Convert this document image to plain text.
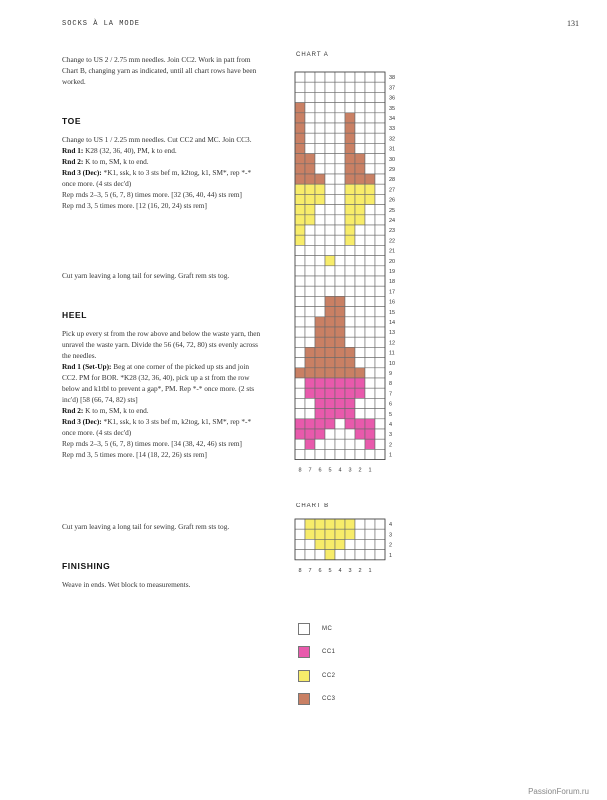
SOCKS À LA MODE	131

Change to US 2 / 2.75 mm needles. Join CC2. Work in patt from Chart B, changing yarn as indicated, until all chart rows have been worked.

TOE

Change to US 1 / 2.25 mm needles. Cut CC2 and MC. Join CC3.

Rnd 1: K28 (32, 36, 40), PM, k to end.

Rnd 2: K to m, SM, k to end.

Rnd 3 (Dec): *K1, ssk, k to 3 sts bef m, k2tog, k1, SM*, rep *-* once more. (4 sts dec'd)

Rep rnds 2–3, 5 (6, 7, 8) times more. [32 (36, 40, 44) sts rem]

Rep rnd 3, 5 times more. [12 (16, 20, 24) sts rem]

Cut yarn leaving a long tail for sewing. Graft rem sts tog.

HEEL

Pick up every st from the row above and below the waste yarn, then unravel the waste yarn. Divide the 56 (64, 72, 80) sts evenly across the needles.

Rnd 1 (Set-Up): Beg at one corner of the picked up sts and join CC2. PM for BOR. *K28 (32, 36, 40), pick up a st from the row below and k1tbl to prevent a gap*, PM. Rep *-* once more. (2 sts inc'd) [58 (66, 74, 82) sts]

Rnd 2: K to m, SM, k to end.

Rnd 3 (Dec): *K1, ssk, k to 3 sts bef m, k2tog, k1, SM*, rep *-* once more. (4 sts dec'd)

Rep rnds 2–3, 5 (6, 7, 8) times more. [34 (38, 42, 46) sts rem]

Rep rnd 3, 5 times more. [14 (18, 22, 26) sts rem]

Cut yarn leaving a long tail for sewing. Graft rem sts tog.

FINISHING

Weave in ends. Wet block to measurements.

CHART A
38
37
36
35
34
33
32
31
30
29
28
27
26
25
24
23
22
21
20
19
18
17
16
15
14
13
12
11
10
9
8
7
6
5
4
3
2
1
8 7 6 5 4 3 2 1
4
3
2
1
8 7 6 5 4 3 2 1
CHART B
MC
CC1
CC2
CC3
PassionForum.ru
